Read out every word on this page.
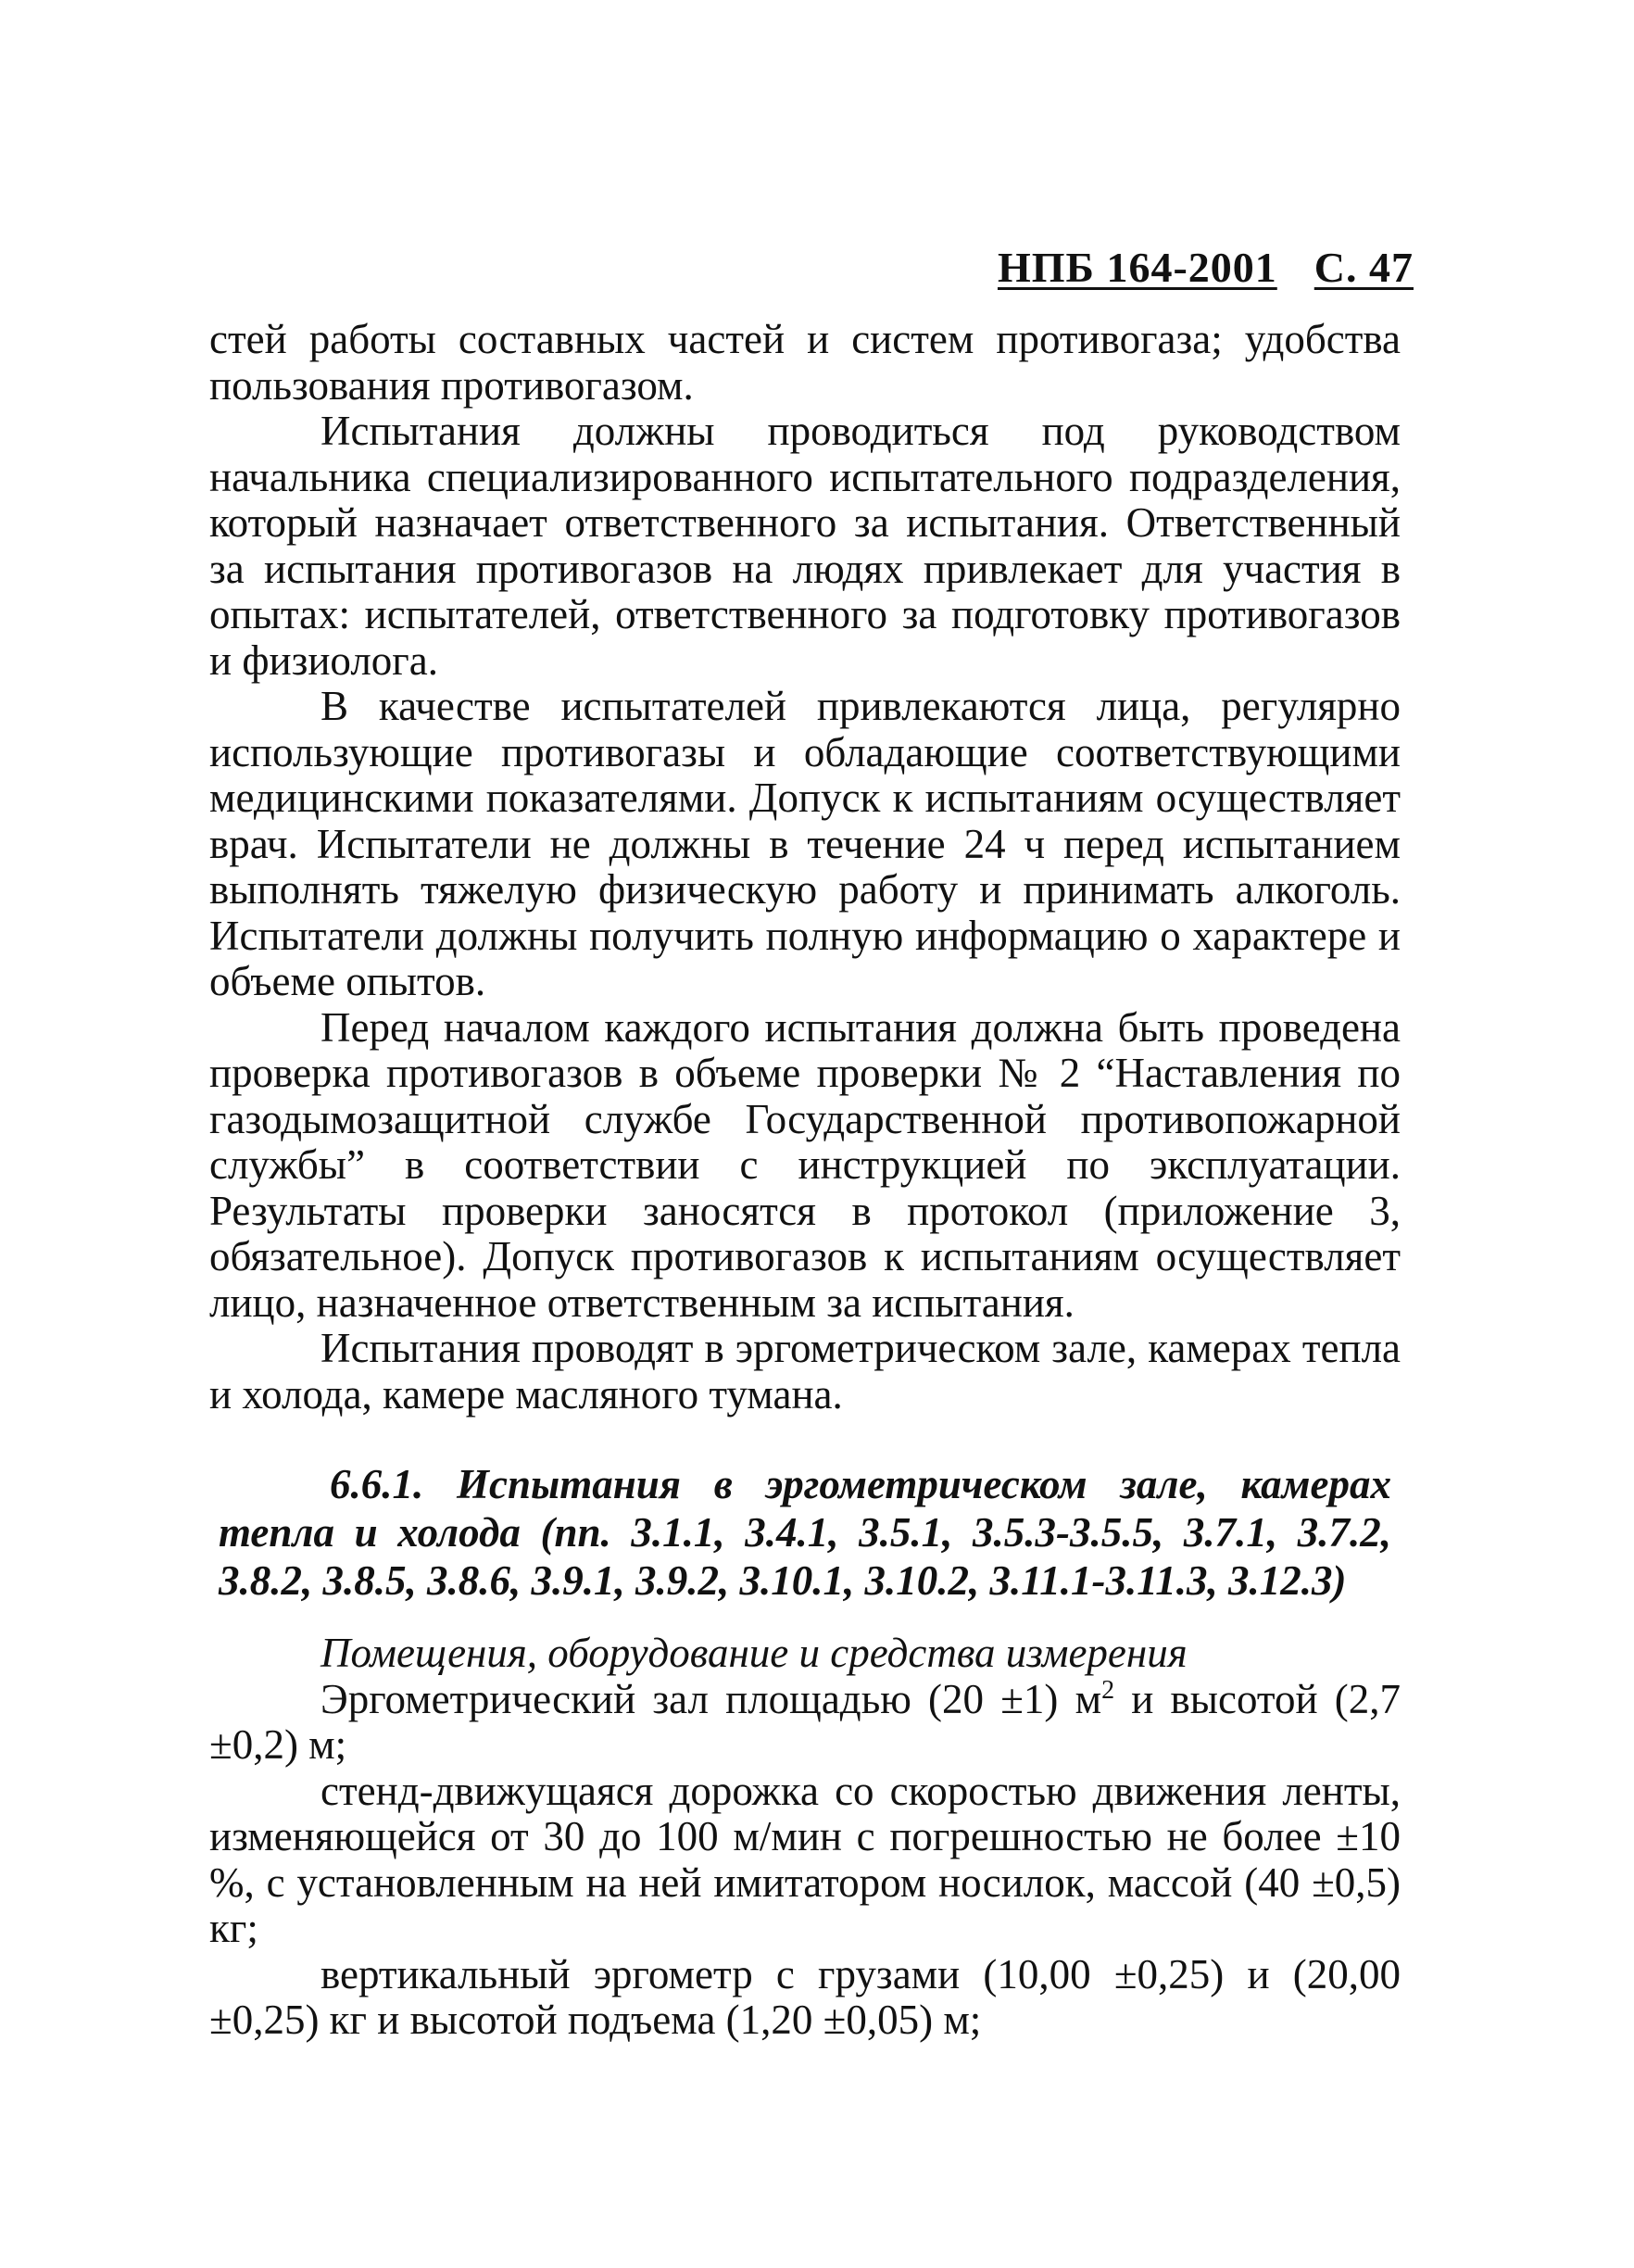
НПБ 164-2001 С. 47

стей работы составных частей и систем противогаза; удобства пользования противогазом.

Испытания должны проводиться под руководством начальника специализированного испытательного подразделения, который назначает ответственного за испытания. Ответственный за испытания противогазов на людях привлекает для участия в опытах: испытателей, ответственного за подготовку противогазов и физиолога.

В качестве испытателей привлекаются лица, регулярно использующие противогазы и обладающие соответствующими медицинскими показателями. Допуск к испытаниям осуществляет врач. Испытатели не должны в течение 24 ч перед испытанием выполнять тяжелую физическую работу и принимать алкоголь. Испытатели должны получить полную информацию о характере и объеме опытов.

Перед началом каждого испытания должна быть проведена проверка противогазов в объеме проверки № 2 “Наставления по газодымозащитной службе Государственной противопожарной службы” в соответствии с инструкцией по эксплуатации. Результаты проверки заносятся в протокол (приложение 3, обязательное). Допуск противогазов к испытаниям осуществляет лицо, назначенное ответственным за испытания.

Испытания проводят в эргометрическом зале, камерах тепла и холода, камере масляного тумана.

6.6.1. Испытания в эргометрическом зале, камерах тепла и холода (пп. 3.1.1, 3.4.1, 3.5.1, 3.5.3-3.5.5, 3.7.1, 3.7.2, 3.8.2, 3.8.5, 3.8.6, 3.9.1, 3.9.2, 3.10.1, 3.10.2, 3.11.1-3.11.3, 3.12.3)

Помещения, оборудование и средства измерения

Эргометрический зал площадью (20 ±1) $м^2$ и высотой (2,7 ±0,2) м;

стенд-движущаяся дорожка со скоростью движения ленты, изменяющейся от 30 до 100 м/мин с погрешностью не более ±10 %, с установленным на ней имитатором носилок, массой (40 ±0,5) кг;

вертикальный эргометр с грузами (10,00 ±0,25) и (20,00 ±0,25) кг и высотой подъема (1,20 ±0,05) м;
